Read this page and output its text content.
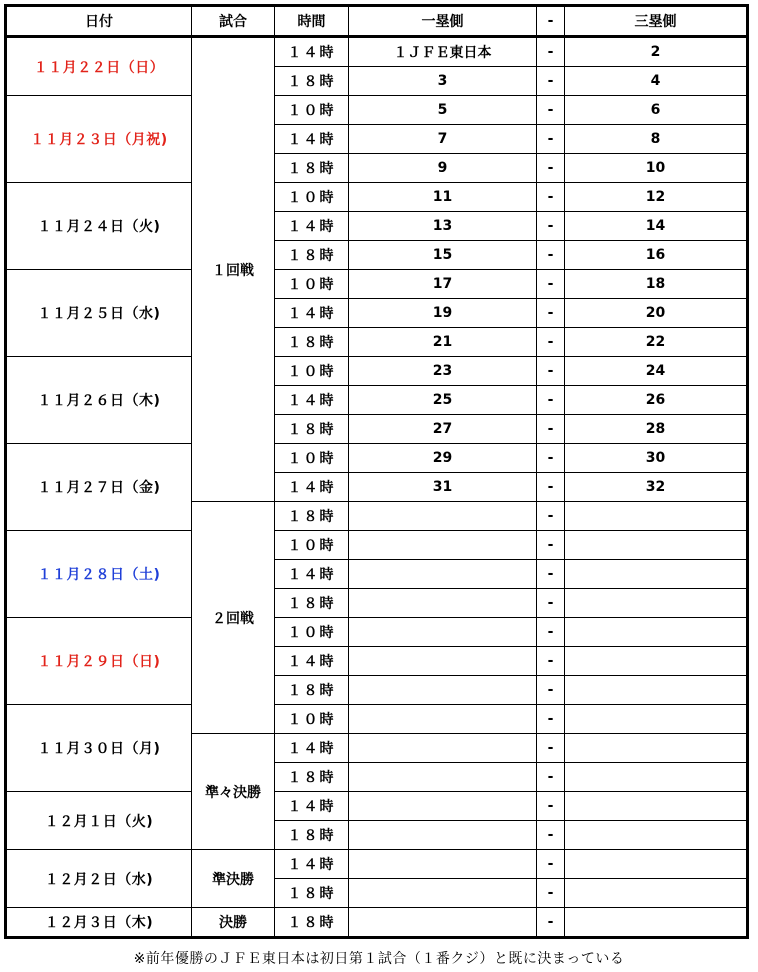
日付	試合	時間	一塁側	-	三塁側
１１月２２日（日）	１回戦	１４時	１ＪＦＥ東日本	-	2
		１８時	3	-	4
１１月２３日（月祝)		１０時	5	-	6
		１４時	7	-	8
		１８時	9	-	10
１１月２４日（火)		１０時	11	-	12
		１４時	13	-	14
		１８時	15	-	16
１１月２５日（水)		１０時	17	-	18
		１４時	19	-	20
		１８時	21	-	22
１１月２６日（木)		１０時	23	-	24
		１４時	25	-	26
		１８時	27	-	28
１１月２７日（金)		１０時	29	-	30
		１４時	31	-	32
	２回戦	１８時		-	
１１月２８日（土)		１０時		-	
		１４時		-	
		１８時		-	
１１月２９日（日)		１０時		-	
		１４時		-	
		１８時		-	
１１月３０日（月)		１０時		-	
	準々決勝	１４時		-	
		１８時		-	
１２月１日（火)		１４時		-	
		１８時		-	
１２月２日（水)	準決勝	１４時		-	
		１８時		-	
１２月３日（木)	決勝	１８時		-	
※前年優勝のＪＦＥ東日本は初日第１試合（１番クジ）と既に決まっている
